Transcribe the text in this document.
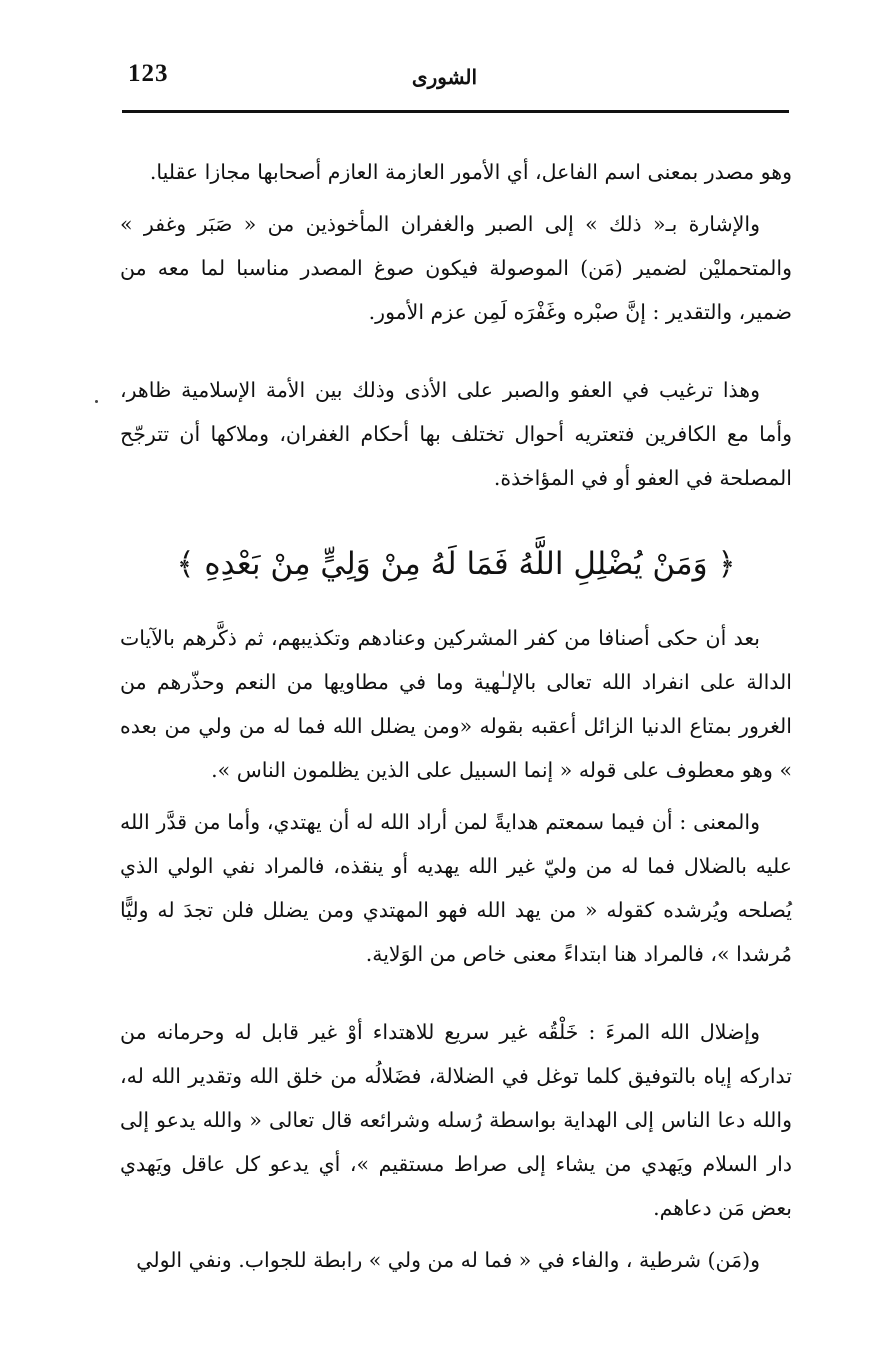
123	الشورى

وهو مصدر بمعنى اسم الفاعل، أي الأمور العازمة العازم أصحابها مجازا عقليا.

والإشارة بـ« ذلك » إلى الصبر والغفران المأخوذين من « صَبَر وغفر » والمتحمليْن لضمير (مَن) الموصولة فيكون صوغ المصدر مناسبا لما معه من ضمير، والتقدير : إنَّ صبْره وغَفْرَه لَمِن عزم الأمور.

وهذا ترغيب في العفو والصبر على الأذى وذلك بين الأمة الإسلامية ظاهر، وأما مع الكافرين فتعتريه أحوال تختلف بها أحكام الغفران، وملاكها أن تترجّح المصلحة في العفو أو في المؤاخذة.

﴿ وَمَنْ يُضْلِلِ اللَّهُ فَمَا لَهُ مِنْ وَلِيٍّ مِنْ بَعْدِهِ ﴾

بعد أن حكى أصنافا من كفر المشركين وعنادهم وتكذيبهم، ثم ذكَّرهم بالآيات الدالة على انفراد الله تعالى بالإلـٰهية وما في مطاويها من النعم وحذّرهم من الغرور بمتاع الدنيا الزائل أعقبه بقوله «ومن يضلل الله فما له من ولي من بعده » وهو معطوف على قوله « إنما السبيل على الذين يظلمون الناس ».

والمعنى : أن فيما سمعتم هدايةً لمن أراد الله له أن يهتدي، وأما من قدَّر الله عليه بالضلال فما له من وليّ غير الله يهديه أو ينقذه، فالمراد نفي الولي الذي يُصلحه ويُرشده كقوله « من يهد الله فهو المهتدي ومن يضلل فلن تجدَ له وليًّا مُرشدا »، فالمراد هنا ابتداءً معنى خاص من الوَلاية.

وإضلال الله المرءَ : خَلْقُه غير سريع للاهتداء أوْ غير قابل له وحرمانه من تداركه إياه بالتوفيق كلما توغل في الضلالة، فضَلالُه من خلق الله وتقدير الله له، والله دعا الناس إلى الهداية بواسطة رُسله وشرائعه قال تعالى « والله يدعو إلى دار السلام ويَهدي من يشاء إلى صراط مستقيم »، أي يدعو كل عاقل ويَهدي بعض مَن دعاهم.

و(مَن) شرطية ، والفاء في « فما له من ولي » رابطة للجواب. ونفي الولي
